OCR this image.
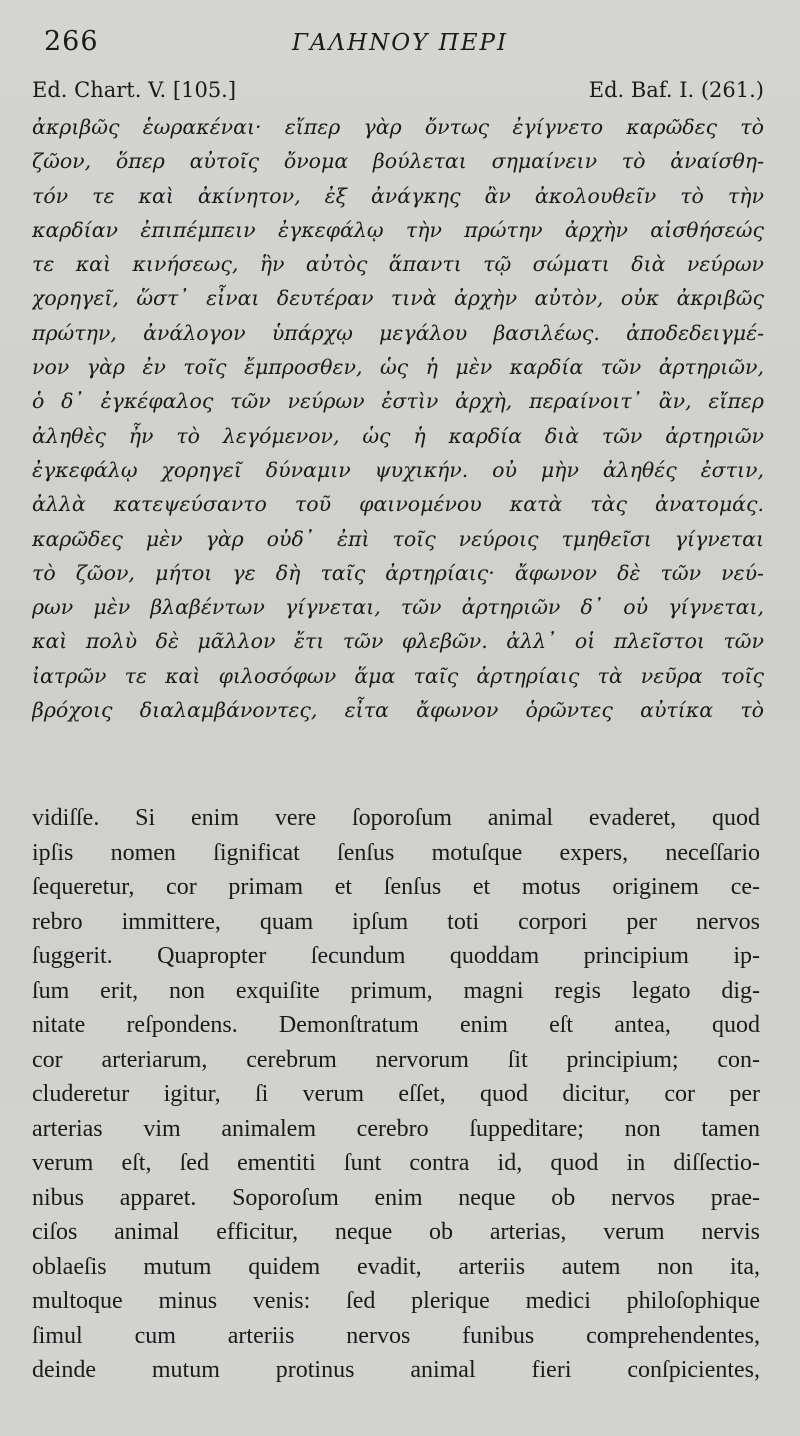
266	ΓΑΛΗΝΟΥ ΠΕΡΙ
Ed. Chart. V. [105.]	Ed. Baf. I. (261.)
ἀκριβῶς ἑωρακέναι· εἴπερ γὰρ ὄντως ἐγίγνετο καρῶδες τὸ
ζῶον, ὅπερ αὐτοῖς ὄνομα βούλεται σημαίνειν τὸ ἀναίσθη-
τόν τε καὶ ἀκίνητον, ἐξ ἀνάγκης ἂν ἀκολουθεῖν τὸ τὴν
καρδίαν ἐπιπέμπειν ἐγκεφάλῳ τὴν πρώτην ἀρχὴν αἰσθήσεώς
τε καὶ κινήσεως, ἣν αὐτὸς ἅπαντι τῷ σώματι διὰ νεύρων
χορηγεῖ, ὥστ᾽ εἶναι δευτέραν τινὰ ἀρχὴν αὐτὸν, οὐκ ἀκριβῶς
πρώτην, ἀνάλογον ὑπάρχῳ μεγάλου βασιλέως. ἀποδεδειγμέ-
νον γὰρ ἐν τοῖς ἔμπροσθεν, ὡς ἡ μὲν καρδία τῶν ἀρτηριῶν,
ὁ δ᾽ ἐγκέφαλος τῶν νεύρων ἐστὶν ἀρχὴ, περαίνοιτ᾽ ἂν, εἴπερ
ἀληθὲς ἦν τὸ λεγόμενον, ὡς ἡ καρδία διὰ τῶν ἀρτηριῶν
ἐγκεφάλῳ χορηγεῖ δύναμιν ψυχικήν. οὐ μὴν ἀληθές ἐστιν,
ἀλλὰ κατεψεύσαντο τοῦ φαινομένου κατὰ τὰς ἀνατομάς.
καρῶδες μὲν γὰρ οὐδ᾽ ἐπὶ τοῖς νεύροις τμηθεῖσι γίγνεται
τὸ ζῶον, μήτοι γε δὴ ταῖς ἀρτηρίαις· ἄφωνον δὲ τῶν νεύ-
ρων μὲν βλαβέντων γίγνεται, τῶν ἀρτηριῶν δ᾽ οὐ γίγνεται,
καὶ πολὺ δὲ μᾶλλον ἔτι τῶν φλεβῶν. ἀλλ᾽ οἱ πλεῖστοι τῶν
ἰατρῶν τε καὶ φιλοσόφων ἅμα ταῖς ἀρτηρίαις τὰ νεῦρα τοῖς
βρόχοις διαλαμβάνοντες, εἶτα ἄφωνον ὁρῶντες αὐτίκα τὸ
vidiſſe. Si enim vere ſoporoſum animal evaderet, quod
ipſis nomen ſignificat ſenſus motuſque expers, neceſſario
ſequeretur, cor primam et ſenſus et motus originem ce-
rebro immittere, quam ipſum toti corpori per nervos
ſuggerit. Quapropter ſecundum quoddam principium ip-
ſum erit, non exquiſite primum, magni regis legato dig-
nitate reſpondens. Demonſtratum enim eſt antea, quod
cor arteriarum, cerebrum nervorum ſit principium; con-
cluderetur igitur, ſi verum eſſet, quod dicitur, cor per
arterias vim animalem cerebro ſuppeditare; non tamen
verum eſt, ſed ementiti ſunt contra id, quod in diſſectio-
nibus apparet. Soporoſum enim neque ob nervos prae-
ciſos animal efficitur, neque ob arterias, verum nervis
oblaeſis mutum quidem evadit, arteriis autem non ita,
multoque minus venis: ſed plerique medici philoſophique
ſimul cum arteriis nervos funibus comprehendentes,
deinde mutum protinus animal fieri conſpicientes,
